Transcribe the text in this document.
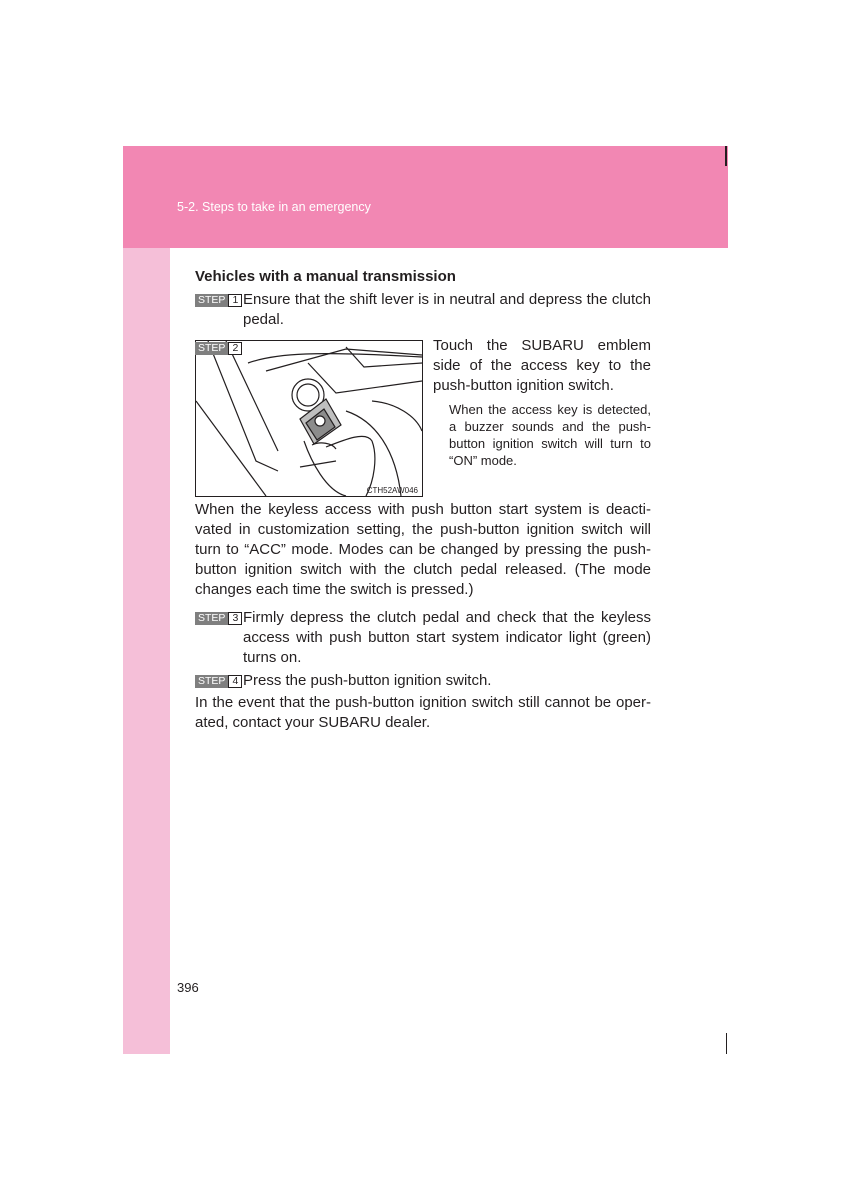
5-2. Steps to take in an emergency
Vehicles with a manual transmission
STEP 1 Ensure that the shift lever is in neutral and depress the clutch pedal.
CTH52AW046
STEP 2	Touch the SUBARU emblem side of the access key to the push-button ignition switch.
When the access key is detected, a buzzer sounds and the push-button ignition switch will turn to “ON” mode.
When the keyless access with push button start system is deacti-vated in customization setting, the push-button ignition switch will turn to “ACC” mode. Modes can be changed by pressing the push-button ignition switch with the clutch pedal released. (The mode changes each time the switch is pressed.)
STEP 3 Firmly depress the clutch pedal and check that the keyless access with push button start system indicator light (green) turns on.
STEP 4 Press the push-button ignition switch.
In the event that the push-button ignition switch still cannot be oper-ated, contact your SUBARU dealer.
396
